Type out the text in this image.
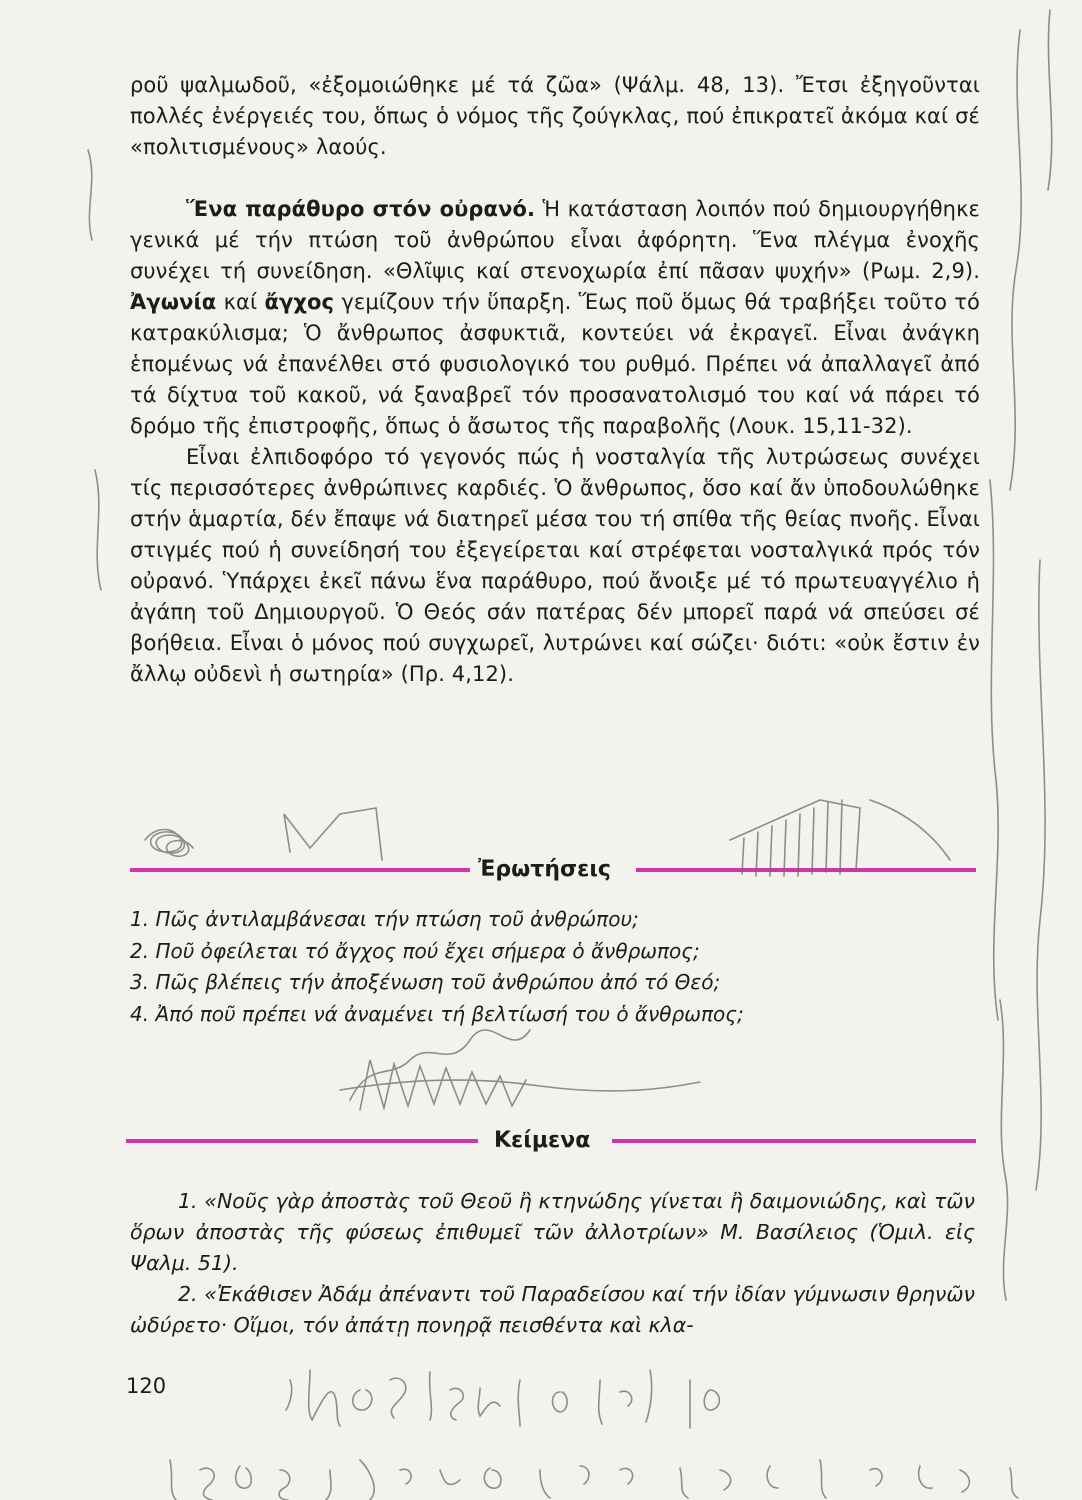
ροῦ ψαλμωδοῦ, «ἐξομοιώθηκε μέ τά ζῶα» (Ψάλμ. 48, 13). Ἔτσι ἐξηγοῦνται πολλές ἐνέργειές του, ὅπως ὁ νόμος τῆς ζούγκλας, πού ἐπικρατεῖ ἀκόμα καί σέ «πολιτισμένους» λαούς.

Ἕνα παράθυρο στόν οὐρανό. Ἡ κατάσταση λοιπόν πού δημιουργήθηκε γενικά μέ τήν πτώση τοῦ ἀνθρώπου εἶναι ἀφόρητη. Ἕνα πλέγμα ἐνοχῆς συνέχει τή συνείδηση. «Θλῖψις καί στενοχωρία ἐπί πᾶσαν ψυχήν» (Ρωμ. 2,9). Ἀγωνία καί ἄγχος γεμίζουν τήν ὕπαρξη. Ἕως ποῦ ὅμως θά τραβήξει τοῦτο τό κατρακύλισμα; Ὁ ἄνθρωπος ἀσφυκτιᾶ, κοντεύει νά ἐκραγεῖ. Εἶναι ἀνάγκη ἑπομένως νά ἐπανέλθει στό φυσιολογικό του ρυθμό. Πρέπει νά ἀπαλλαγεῖ ἀπό τά δίχτυα τοῦ κακοῦ, νά ξαναβρεῖ τόν προσανατολισμό του καί νά πάρει τό δρόμο τῆς ἐπιστροφῆς, ὅπως ὁ ἄσωτος τῆς παραβολῆς (Λουκ. 15,11-32).

Εἶναι ἐλπιδοφόρο τό γεγονός πώς ἡ νοσταλγία τῆς λυτρώσεως συνέχει τίς περισσότερες ἀνθρώπινες καρδιές. Ὁ ἄνθρωπος, ὅσο καί ἄν ὑποδουλώθηκε στήν ἁμαρτία, δέν ἔπαψε νά διατηρεῖ μέσα του τή σπίθα τῆς θείας πνοῆς. Εἶναι στιγμές πού ἡ συνείδησή του ἐξεγείρεται καί στρέφεται νοσταλγικά πρός τόν οὐρανό. Ὑπάρχει ἐκεῖ πάνω ἕνα παράθυρο, πού ἄνοιξε μέ τό πρωτευαγγέλιο ἡ ἀγάπη τοῦ Δημιουργοῦ. Ὁ Θεός σάν πατέρας δέν μπορεῖ παρά νά σπεύσει σέ βοήθεια. Εἶναι ὁ μόνος πού συγχωρεῖ, λυτρώνει καί σώζει· διότι: «οὐκ ἔστιν ἐν ἄλλῳ οὐδενὶ ἡ σωτηρία» (Πρ. 4,12).

Ἐρωτήσεις
1. Πῶς ἀντιλαμβάνεσαι τήν πτώση τοῦ ἀνθρώπου;
2. Ποῦ ὀφείλεται τό ἄγχος πού ἔχει σήμερα ὁ ἄνθρωπος;
3. Πῶς βλέπεις τήν ἀποξένωση τοῦ ἀνθρώπου ἀπό τό Θεό;
4. Ἀπό ποῦ πρέπει νά ἀναμένει τή βελτίωσή του ὁ ἄνθρωπος;
Κείμενα

1. «Νοῦς γὰρ ἀποστὰς τοῦ Θεοῦ ἢ κτηνώδης γίνεται ἢ δαιμονιώδης, καὶ τῶν ὅρων ἀποστὰς τῆς φύσεως ἐπιθυμεῖ τῶν ἀλλοτρίων» Μ. Βασίλειος (Ὁμιλ. εἰς Ψαλμ. 51).

2. «Ἐκάθισεν Ἀδάμ ἀπέναντι τοῦ Παραδείσου καί τήν ἰδίαν γύμνωσιν θρηνῶν ὠδύρετο· Οἴμοι, τόν ἀπάτῃ πονηρᾷ πεισθέντα καὶ κλα-

120
